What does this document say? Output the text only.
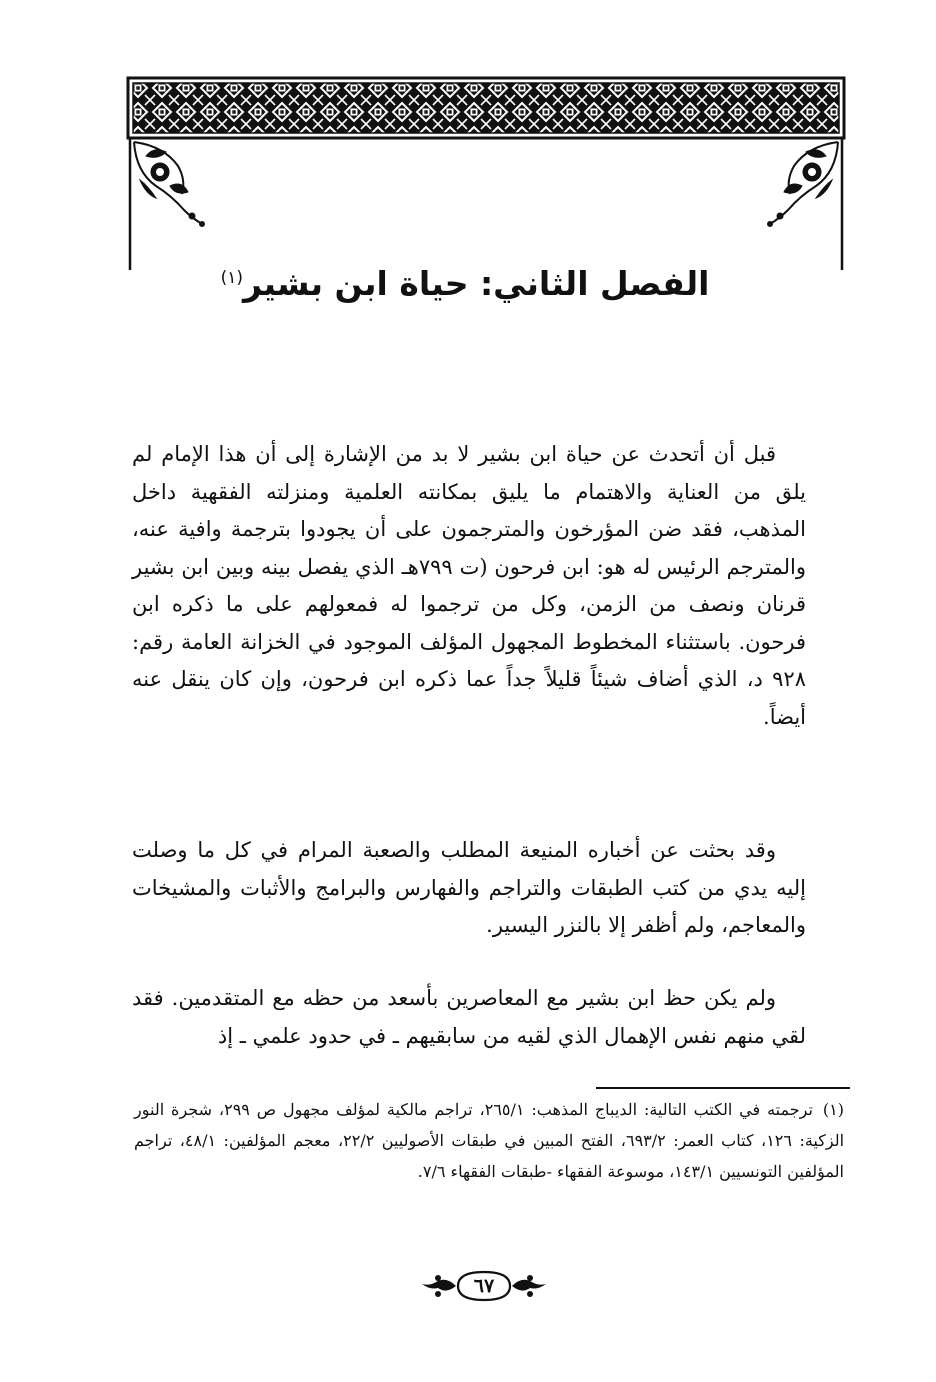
الفصل الثاني: حياة ابن بشير$^{(١)}$

قبل أن أتحدث عن حياة ابن بشير لا بد من الإشارة إلى أن هذا الإمام لم يلق من العناية والاهتمام ما يليق بمكانته العلمية ومنزلته الفقهية داخل المذهب، فقد ضن المؤرخون والمترجمون على أن يجودوا بترجمة وافية عنه، والمترجم الرئيس له هو: ابن فرحون (ت ٧٩٩هـ الذي يفصل بينه وبين ابن بشير قرنان ونصف من الزمن، وكل من ترجموا له فمعولهم على ما ذكره ابن فرحون. باستثناء المخطوط المجهول المؤلف الموجود في الخزانة العامة رقم: ٩٢٨ د، الذي أضاف شيئاً قليلاً جداً عما ذكره ابن فرحون، وإن كان ينقل عنه أيضاً.

وقد بحثت عن أخباره المنيعة المطلب والصعبة المرام في كل ما وصلت إليه يدي من كتب الطبقات والتراجم والفهارس والبرامج والأثبات والمشيخات والمعاجم، ولم أظفر إلا بالنزر اليسير.

ولم يكن حظ ابن بشير مع المعاصرين بأسعد من حظه مع المتقدمين. فقد لقي منهم نفس الإهمال الذي لقيه من سابقيهم ـ في حدود علمي ـ إذ

(١)ترجمته في الكتب التالية: الديباج المذهب: ٢٦٥/١، تراجم مالكية لمؤلف مجهول ص ٢٩٩، شجرة النور الزكية: ١٢٦، كتاب العمر: ٦٩٣/٢، الفتح المبين في طبقات الأصوليين ٢٢/٢، معجم المؤلفين: ٤٨/١، تراجم المؤلفين التونسيين ١٤٣/١، موسوعة الفقهاء -طبقات الفقهاء ٧/٦.

٦٧
